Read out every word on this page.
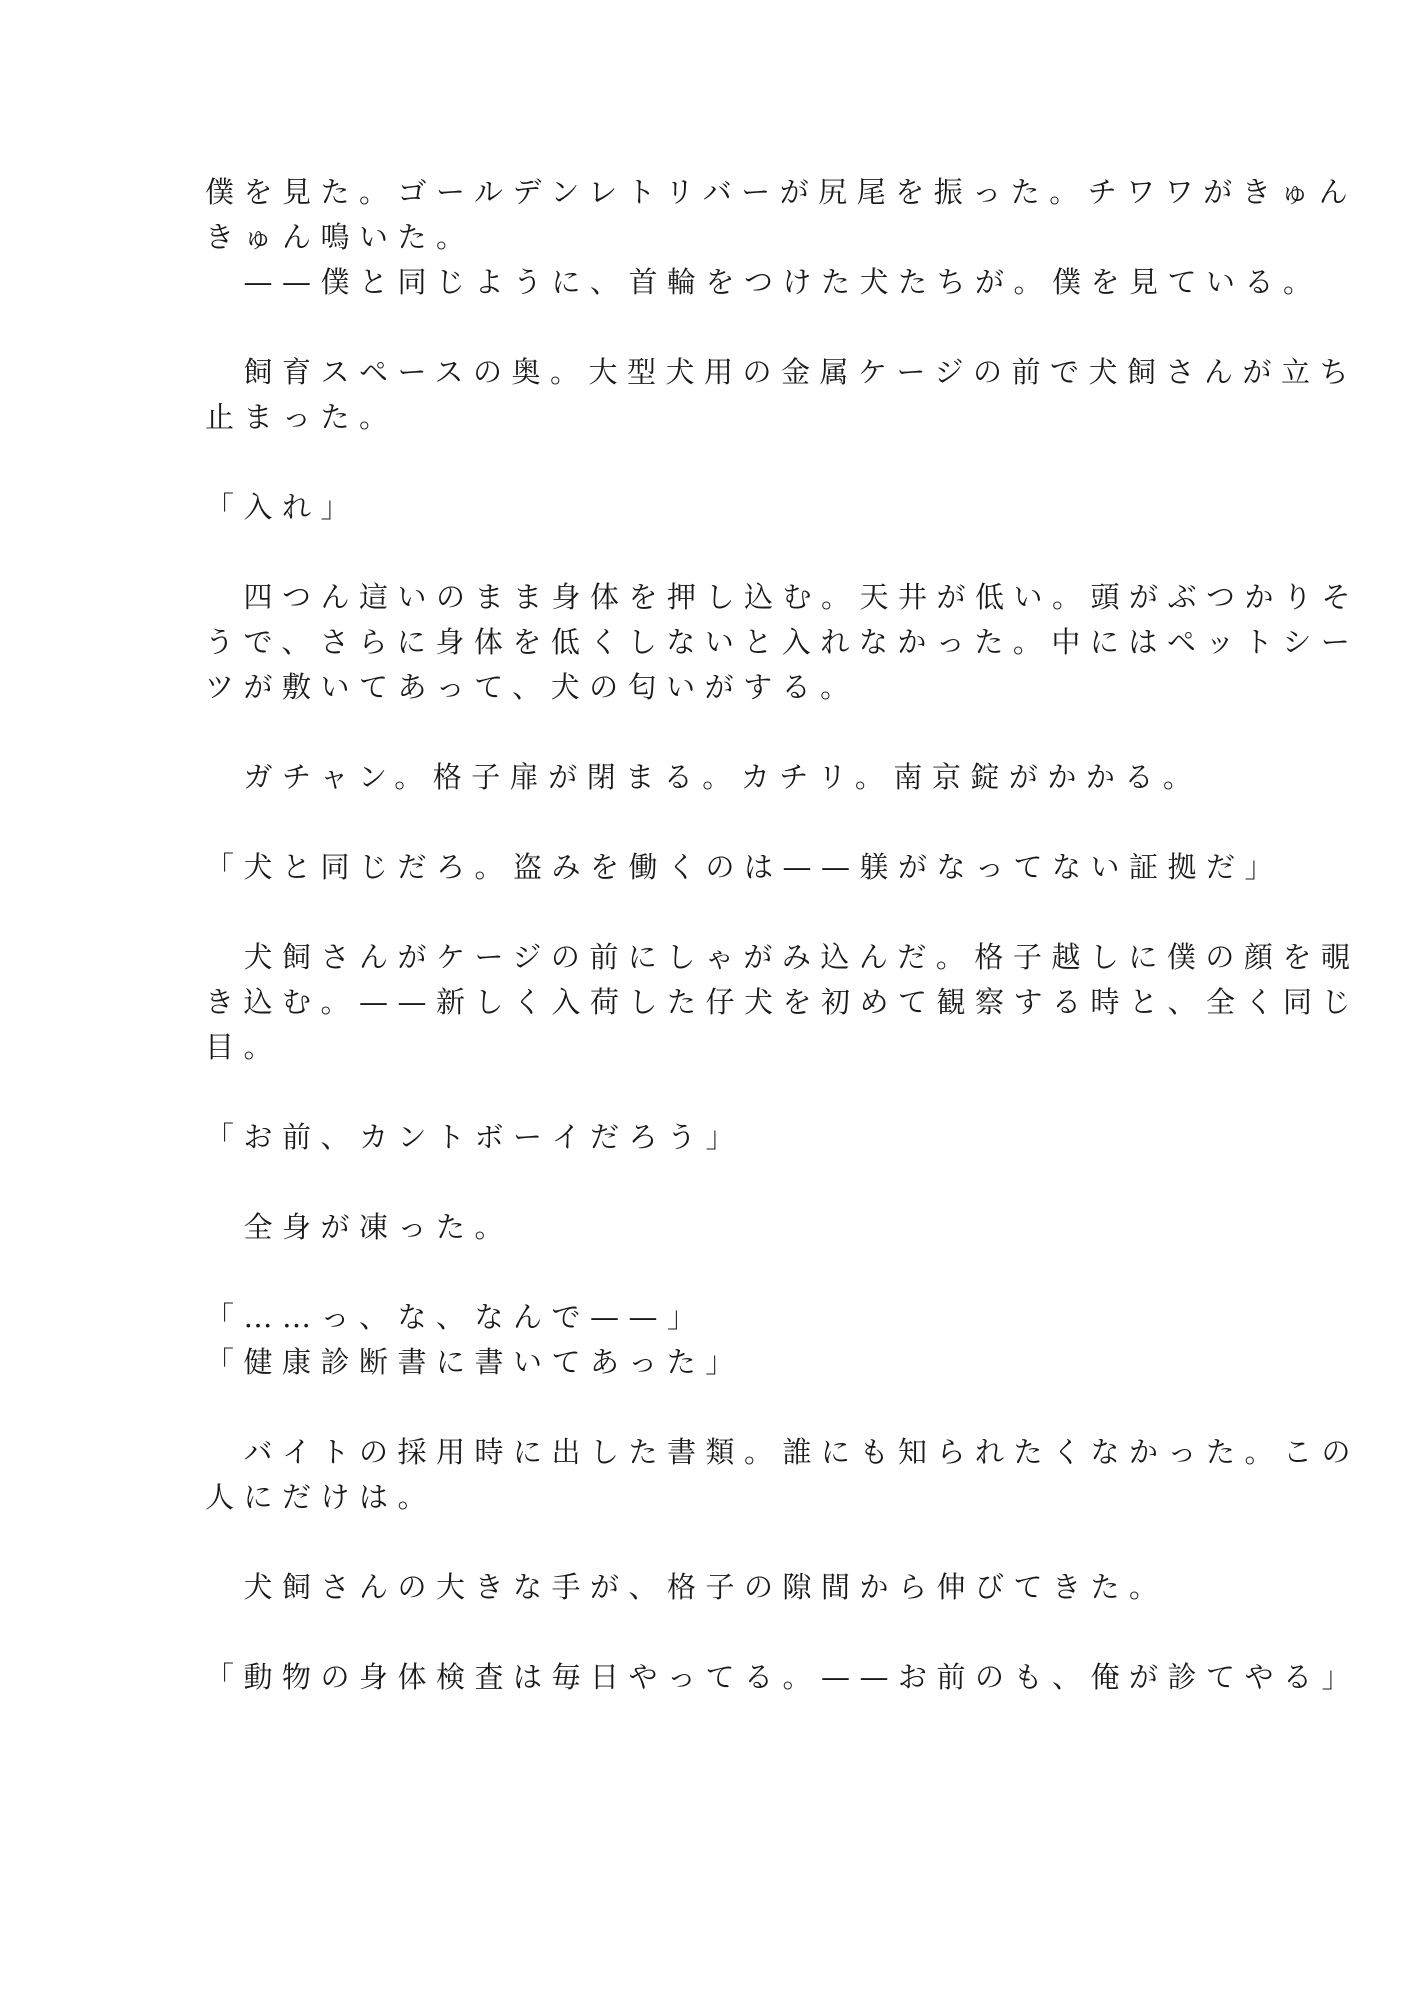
僕を見た。ゴールデンレトリバーが尻尾を振った。チワワがきゅん
きゅん鳴いた。
　——僕と同じように、首輪をつけた犬たちが。僕を見ている。
　飼育スペースの奥。大型犬用の金属ケージの前で犬飼さんが立ち
止まった。
「入れ」
　四つん這いのまま身体を押し込む。天井が低い。頭がぶつかりそ
うで、さらに身体を低くしないと入れなかった。中にはペットシー
ツが敷いてあって、犬の匂いがする。
　ガチャン。格子扉が閉まる。カチリ。南京錠がかかる。
「犬と同じだろ。盗みを働くのは——躾がなってない証拠だ」
　犬飼さんがケージの前にしゃがみ込んだ。格子越しに僕の顔を覗
き込む。——新しく入荷した仔犬を初めて観察する時と、全く同じ
目。
「お前、カントボーイだろう」
　全身が凍った。
「……っ、な、なんで——」
「健康診断書に書いてあった」
　バイトの採用時に出した書類。誰にも知られたくなかった。この
人にだけは。
　犬飼さんの大きな手が、格子の隙間から伸びてきた。
「動物の身体検査は毎日やってる。——お前のも、俺が診てやる」
